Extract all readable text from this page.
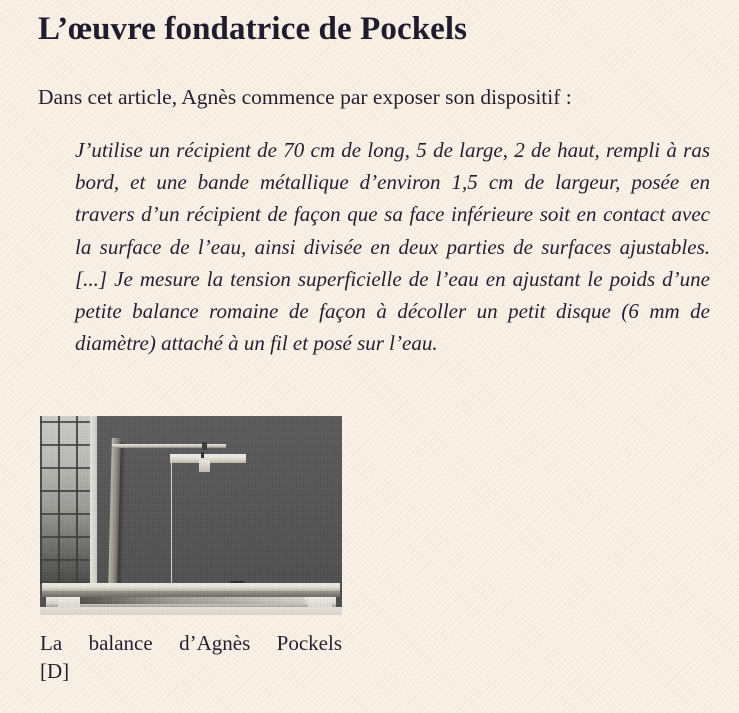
L’œuvre fondatrice de Pockels

Dans cet article, Agnès commence par exposer son dispositif :

J’utilise un récipient de 70 cm de long, 5 de large, 2 de haut, rempli à ras bord, et une bande métallique d’environ 1,5 cm de largeur, posée en travers d’un récipient de façon que sa face inférieure soit en contact avec la surface de l’eau, ainsi divisée en deux parties de surfaces ajustables. [...] Je mesure la tension superficielle de l’eau en ajustant le poids d’une petite balance romaine de façon à décoller un petit disque (6 mm de diamètre) attaché à un fil et posé sur l’eau.

La balance d’Agnès Pockels
[D]
